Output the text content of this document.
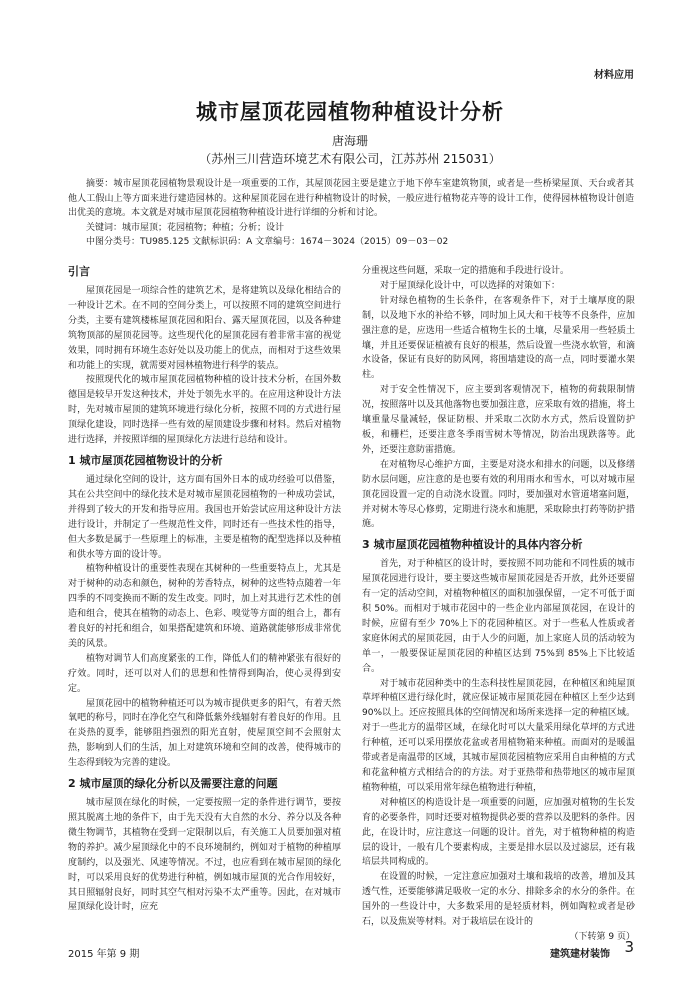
材料应用
城市屋顶花园植物种植设计分析
唐海珊
（苏州三川营造环境艺术有限公司，江苏苏州 215031）

摘要：城市屋顶花园植物景观设计是一项重要的工作，其屋顶花园主要是建立于地下停车室建筑物顶，或者是一些桥梁屋顶、天台或者其他人工假山上等方面来进行建造园林的。这种屋顶花园在进行种植物设计的时候，一般应进行植物花卉等的设计工作，使得园林植物设计创造出优美的意境。本文就是对城市屋顶花园植物种植设计进行详细的分析和讨论。

关键词：城市屋顶；花园植物；种植；分析；设计

中图分类号：TU985.125 文献标识码：A 文章编号：1674－3024（2015）09－03－02

引言

屋顶花园是一项综合性的建筑艺术，是将建筑以及绿化相结合的一种设计艺术。在不同的空间分类上，可以按照不同的建筑空间进行分类，主要有建筑楼栋屋顶花园和阳台、露天屋顶花园，以及各种建筑物顶部的屋顶花园等。这些现代化的屋顶花园有着非常丰富的视觉效果，同时拥有环境生态好处以及功能上的优点，而相对于这些效果和功能上的实现，就需要对园林植物进行科学的装点。

按照现代化的城市屋顶花园植物种植的设计技术分析，在国外数德国是较早开发这种技术，并处于领先水平的。在应用这种设计方法时，先对城市屋顶的建筑环境进行绿化分析，按照不同的方式进行屋顶绿化建设，同时选择一些有效的屋顶建设步骤和材料。然后对植物进行选择，并按照详细的屋顶绿化方法进行总结和设计。

1 城市屋顶花园植物设计的分析

通过绿化空间的设计，这方面有国外日本的成功经验可以借鉴，其在公共空间中的绿化技术是对城市屋顶花园植物的一种成功尝试，并得到了较大的开发和指导应用。我国也开始尝试应用这种设计方法进行设计，并制定了一些规范性文件，同时还有一些技术性的指导，但大多数是属于一些原理上的标准，主要是植物的配型选择以及种植和供水等方面的设计等。

植物种植设计的重要性表现在其树种的一些重要特点上，尤其是对于树种的动态和颜色，树种的芳香特点，树种的这些特点随着一年四季的不同变换而不断的发生改变。同时，加上对其进行艺术性的创造和组合，使其在植物的动态上、色彩、嗅觉等方面的组合上，都有着良好的衬托和组合，如果搭配建筑和环境、道路就能够形成非常优美的风景。

植物对调节人们高度紧张的工作，降低人们的精神紧张有很好的疗效。同时，还可以对人们的思想和性情得到陶冶，使心灵得到安定。

屋顶花园中的植物种植还可以为城市提供更多的阳气，有着天然氧吧的称号，同时在净化空气和降低紫外线辐射有着良好的作用。且在炎热的夏季，能够阻挡强烈的阳光直射，使屋顶空间不会照射太热，影响到人们的生活，加上对建筑环境和空间的改善，使得城市的生态得到较为完善的建设。

2 城市屋顶的绿化分析以及需要注意的问题

城市屋顶在绿化的时候，一定要按照一定的条件进行调节，要按照其脱离土地的条件下，由于先天没有大自然的水分、养分以及各种微生物调节，其植物在受到一定限制以后，有关施工人员要加强对植物的养护。减少屋顶绿化中的不良环境制约，例如对于植物的种植厚度制约，以及强光、风速等情况。不过，也应看到在城市屋顶的绿化时，可以采用良好的优势进行种植，例如城市屋顶的光合作用较好，其日照辐射良好，同时其空气相对污染不太严重等。因此，在对城市屋顶绿化设计时，应充

分重视这些问题，采取一定的措施和手段进行设计。

对于屋顶绿化设计中，可以选择的对策如下：

针对绿色植物的生长条件，在客观条件下，对于土壤厚度的限制，以及地下水的补给不够，同时加上风大和干枝等不良条件，应加强注意的是，应选用一些适合植物生长的土壤，尽量采用一些轻质土壤，并且还要保证植被有良好的根基，然后设置一些浇水软管，和滴水设备，保证有良好的防风网，将围墙建设的高一点，同时要灌水架柱。

对于安全性情况下，应主要到客观情况下，植物的荷载限制情况，按照落叶以及其他落物也要加强注意，应采取有效的措施，将土壤重量尽量减轻，保证防根、并采取二次防水方式，然后设置防护板，和栅栏，还要注意冬季雨雪树木等情况，防治出现跌落等。此外，还要注意防雷措施。

在对植物尽心维护方面，主要是对浇水和排水的问题，以及修缮防水层问题，应注意的是也要有效的利用雨水和雪水，可以对城市屋顶花园设置一定的自动浇水设置。同时，要加强对水管道堵塞问题，并对树木等尽心修剪，定期进行浇水和施肥，采取除虫打药等防护措施。

3 城市屋顶花园植物种植设计的具体内容分析

首先，对于种植区的设计时，要按照不同功能和不同性质的城市屋顶花园进行设计，要主要这些城市屋顶花园是否开放，此外还要留有一定的活动空间，对植物种植区的面积加强保留，一定不可低于面积 50%。而相对于城市花园中的一些企业内部屋顶花园，在设计的时候，应留有至少 70%上下的花园种植区。对于一些私人性质或者家庭休闲式的屋顶花园，由于人少的问题，加上家庭人员的活动较为单一，一般要保证屋顶花园的种植区达到 75%到 85%上下比较适合。

对于城市花园种类中的生态科技性屋顶花园，在种植区和纯屋顶草坪种植区进行绿化时，就应保证城市屋顶花园在种植区上至少达到 90%以上。还应按照具体的空间情况和场所来选择一定的种植区域。对于一些北方的温带区域，在绿化时可以大量采用绿化草坪的方式进行种植，还可以采用摆放花盆或者用植物箱来种植。而面对的是暖温带或者是南温带的区域，其城市屋顶花园植物应采用自由种植的方式和花盆种植方式相结合的的方法。对于亚热带和热带地区的城市屋顶植物种植，可以采用常年绿色植物进行种植，

对种植区的构造设计是一项重要的问题，应加强对植物的生长发育的必要条件，同时还要对植物提供必要的营养以及肥料的条件。因此，在设计时，应注意这一问题的设计。首先，对于植物种植的构造层的设计，一般有几个要素构成，主要是排水层以及过滤层，还有栽培层共同构成的。

在设置的时候，一定注意应加强对土壤和栽培的改善，增加及其透气性，还要能够满足吸收一定的水分、排除多余的水分的条件。在国外的一些设计中，大多数采用的是轻质材料，例如陶粒或者是砂石，以及焦炭等材料。对于栽培层在设计的

（下转第 9 页）
2015 年第 9 期	建筑建材装饰 3
